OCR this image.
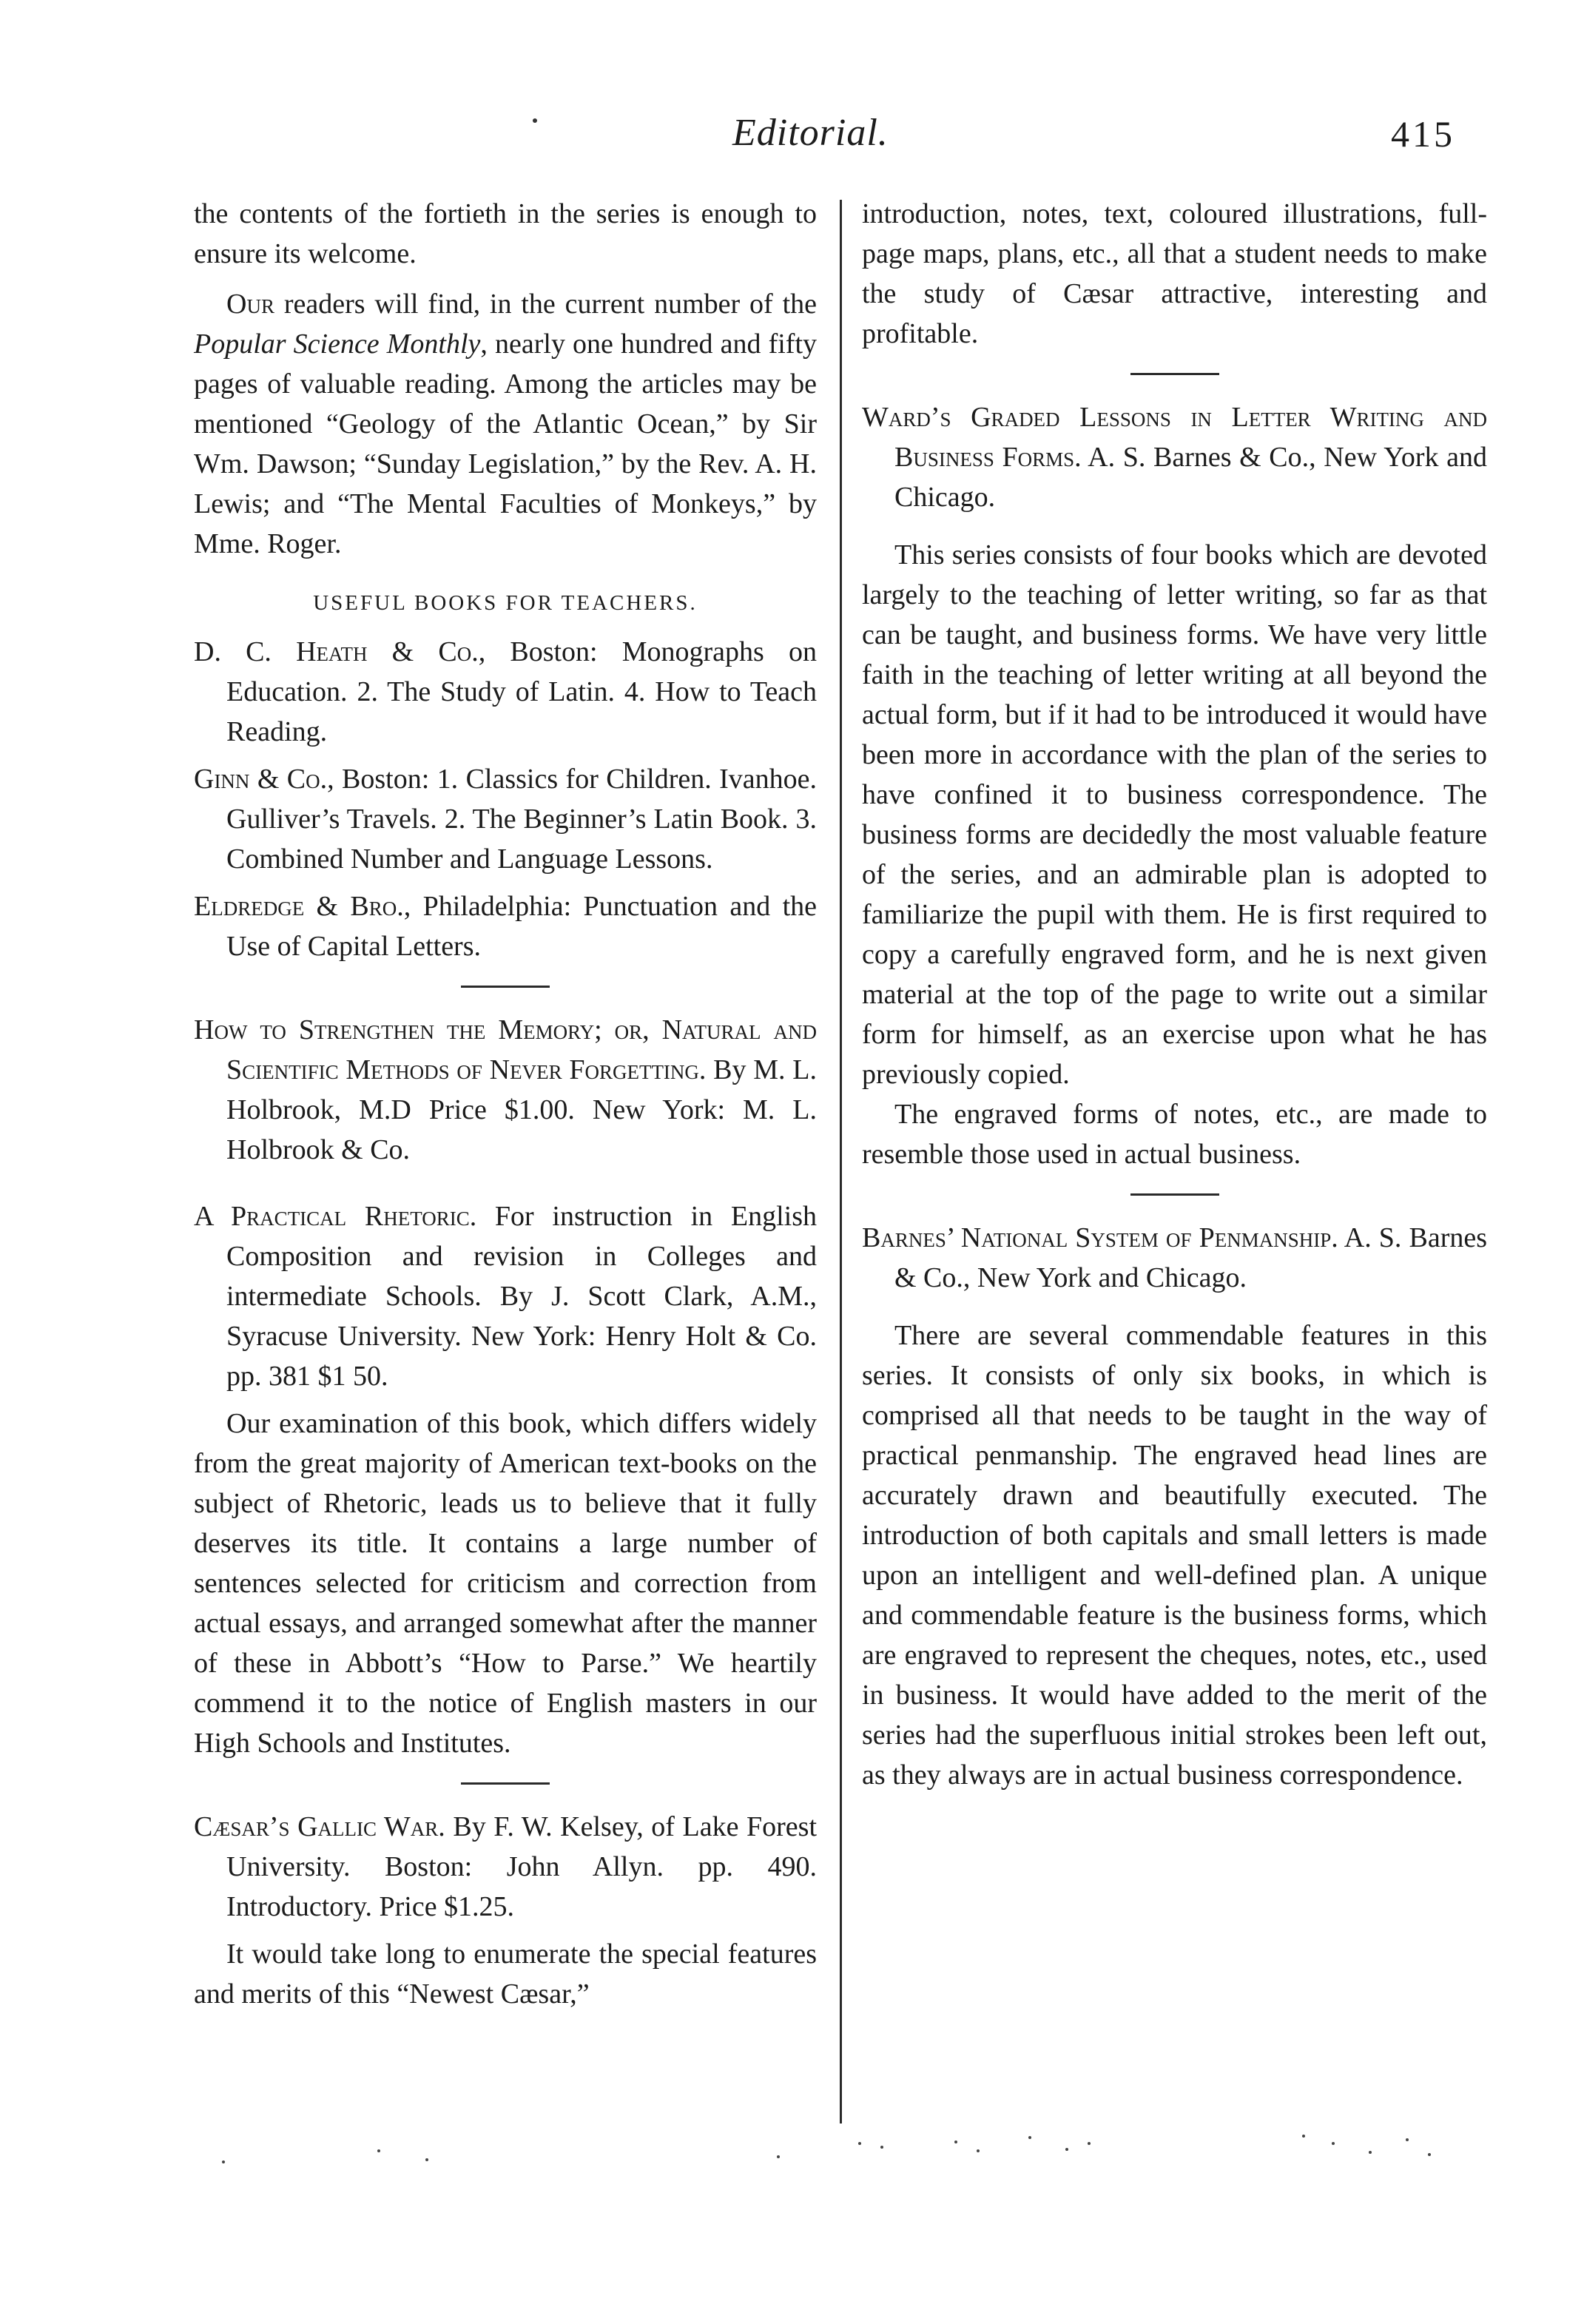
Editorial.	415

the contents of the fortieth in the series is enough to ensure its welcome.

Our readers will find, in the current number of the Popular Science Monthly, nearly one hundred and fifty pages of valuable reading. Among the articles may be mentioned “Geology of the Atlantic Ocean,” by Sir Wm. Dawson; “Sunday Legislation,” by the Rev. A. H. Lewis; and “The Mental Faculties of Monkeys,” by Mme. Roger.

USEFUL BOOKS FOR TEACHERS.
D. C. Heath & Co., Boston: Monographs on Education. 2. The Study of Latin. 4. How to Teach Reading.
Ginn & Co., Boston: 1. Classics for Children. Ivanhoe. Gulliver’s Travels. 2. The Beginner’s Latin Book. 3. Combined Number and Language Lessons.
Eldredge & Bro., Philadelphia: Punctuation and the Use of Capital Letters.
How to Strengthen the Memory; or, Natural and Scientific Methods of Never Forgetting. By M. L. Holbrook, M.D Price $1.00. New York: M. L. Holbrook & Co.
A Practical Rhetoric. For instruction in English Composition and revision in Colleges and intermediate Schools. By J. Scott Clark, A.M., Syracuse University. New York: Henry Holt & Co. pp. 381 $1 50.

Our examination of this book, which differs widely from the great majority of American text-books on the subject of Rhetoric, leads us to believe that it fully deserves its title. It contains a large number of sentences selected for criticism and correction from actual essays, and arranged somewhat after the manner of these in Abbott’s “How to Parse.” We heartily commend it to the notice of English masters in our High Schools and Institutes.

Cæsar’s Gallic War. By F. W. Kelsey, of Lake Forest University. Boston: John Allyn. pp. 490. Introductory. Price $1.25.

It would take long to enumerate the special features and merits of this “Newest Cæsar,”

introduction, notes, text, coloured illustrations, full-page maps, plans, etc., all that a student needs to make the study of Cæsar attractive, interesting and profitable.

Ward’s Graded Lessons in Letter Writing and Business Forms. A. S. Barnes & Co., New York and Chicago.

This series consists of four books which are devoted largely to the teaching of letter writing, so far as that can be taught, and business forms. We have very little faith in the teaching of letter writing at all beyond the actual form, but if it had to be introduced it would have been more in accordance with the plan of the series to have confined it to business correspondence. The business forms are decidedly the most valuable feature of the series, and an admirable plan is adopted to familiarize the pupil with them. He is first required to copy a carefully engraved form, and he is next given material at the top of the page to write out a similar form for himself, as an exercise upon what he has previously copied.

The engraved forms of notes, etc., are made to resemble those used in actual business.

Barnes’ National System of Penmanship. A. S. Barnes & Co., New York and Chicago.

There are several commendable features in this series. It consists of only six books, in which is comprised all that needs to be taught in the way of practical penmanship. The engraved head lines are accurately drawn and beautifully executed. The introduction of both capitals and small letters is made upon an intelligent and well-defined plan. A unique and commendable feature is the business forms, which are engraved to represent the cheques, notes, etc., used in business. It would have added to the merit of the series had the superfluous initial strokes been left out, as they always are in actual business correspondence.
